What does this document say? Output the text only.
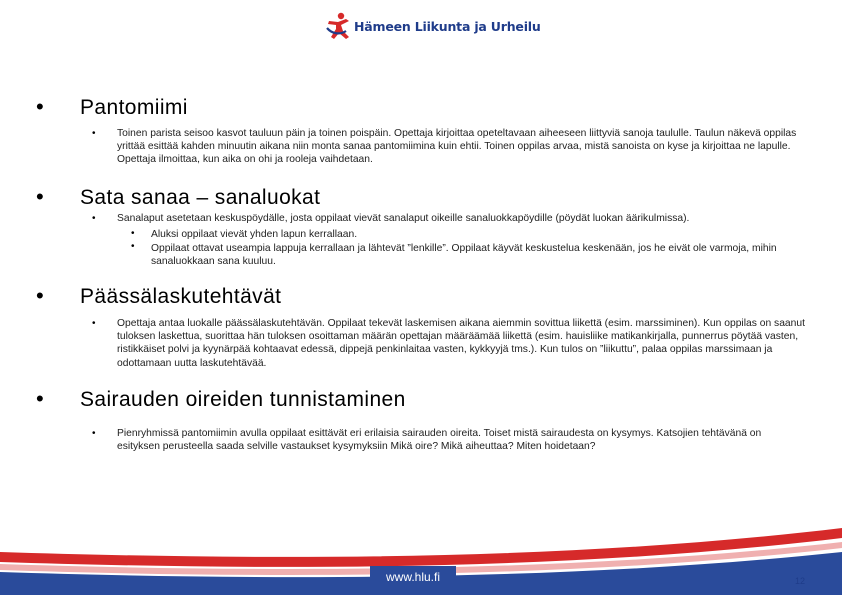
Hämeen Liikunta ja Urheilu
• Pantomiimi
• Toinen parista seisoo kasvot tauluun päin ja toinen poispäin. Opettaja kirjoittaa opeteltavaan aiheeseen liittyviä sanoja taululle. Taulun näkevä oppilas yrittää esittää kahden minuutin aikana niin monta sanaa pantomiimina kuin ehtii. Toinen oppilas arvaa, mistä sanoista on kyse ja kirjoittaa ne lapulle. Opettaja ilmoittaa, kun aika on ohi ja rooleja vaihdetaan.
• Sata sanaa – sanaluokat
• Sanalaput asetetaan keskuspöydälle, josta oppilaat vievät sanalaput oikeille sanaluokkapöydille (pöydät luokan äärikulmissa).
• Aluksi oppilaat vievät yhden lapun kerrallaan.
• Oppilaat ottavat useampia lappuja kerrallaan ja lähtevät ”lenkille”. Oppilaat käyvät keskustelua keskenään, jos he eivät ole varmoja, mihin sanaluokkaan sana kuuluu.
• Päässälaskutehtävät
• Opettaja antaa luokalle päässälaskutehtävän. Oppilaat tekevät laskemisen aikana aiemmin sovittua liikettä (esim. marssiminen). Kun oppilas on saanut tuloksen laskettua, suorittaa hän tuloksen osoittaman määrän opettajan määräämää liikettä (esim. hauisliike matikankirjalla, punnerrus pöytää vasten, ristikkäiset polvi ja kyynärpää kohtaavat edessä, dippejä penkinlaitaa vasten, kykkyyjä tms.). Kun tulos on ”liikuttu”, palaa oppilas marssimaan ja odottamaan uutta laskutehtävää.
• Sairauden oireiden tunnistaminen
• Pienryhmissä pantomiimin avulla oppilaat esittävät eri erilaisia sairauden oireita. Toiset mistä sairaudesta on kysymys. Katsojien tehtävänä on esityksen perusteella saada selville vastaukset kysymyksiin Mikä oire? Mikä aiheuttaa? Miten hoidetaan?
www.hlu.fi	12
